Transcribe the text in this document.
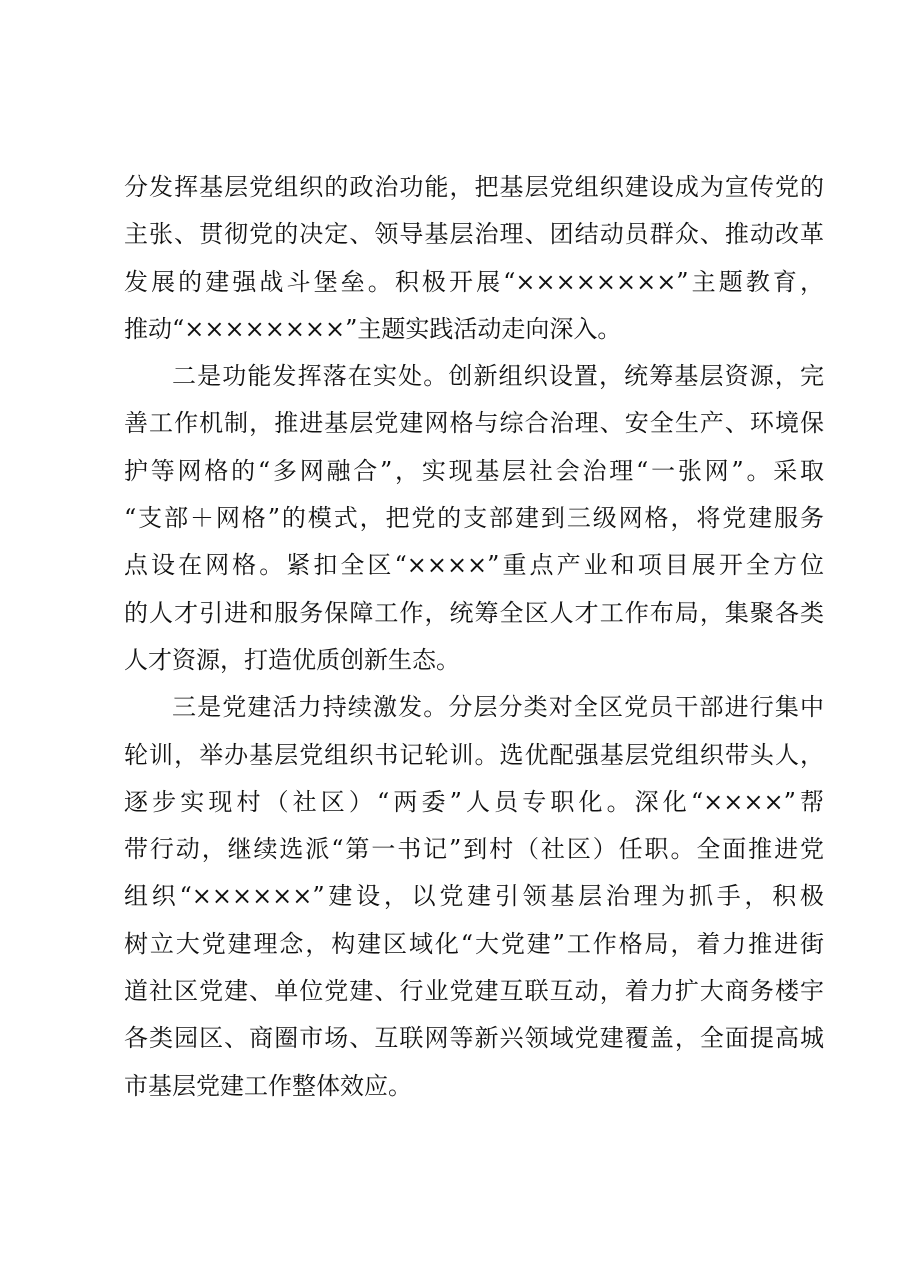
分发挥基层党组织的政治功能，把基层党组织建设成为宣传党的
主张、贯彻党的决定、领导基层治理、团结动员群众、推动改革
发展的建强战斗堡垒。积极开展“××××××××”主题教育，
推动“××××××××”主题实践活动走向深入。
二是功能发挥落在实处。创新组织设置，统筹基层资源，完
善工作机制，推进基层党建网格与综合治理、安全生产、环境保
护等网格的“多网融合”，实现基层社会治理“一张网”。采取
“支部＋网格”的模式，把党的支部建到三级网格，将党建服务
点设在网格。紧扣全区“××××”重点产业和项目展开全方位
的人才引进和服务保障工作，统筹全区人才工作布局，集聚各类
人才资源，打造优质创新生态。
三是党建活力持续激发。分层分类对全区党员干部进行集中
轮训，举办基层党组织书记轮训。选优配强基层党组织带头人，
逐步实现村（社区）“两委”人员专职化。深化“××××”帮
带行动，继续选派“第一书记”到村（社区）任职。全面推进党
组织“××××××”建设，以党建引领基层治理为抓手，积极
树立大党建理念，构建区域化“大党建”工作格局，着力推进街
道社区党建、单位党建、行业党建互联互动，着力扩大商务楼宇
各类园区、商圈市场、互联网等新兴领域党建覆盖，全面提高城
市基层党建工作整体效应。
